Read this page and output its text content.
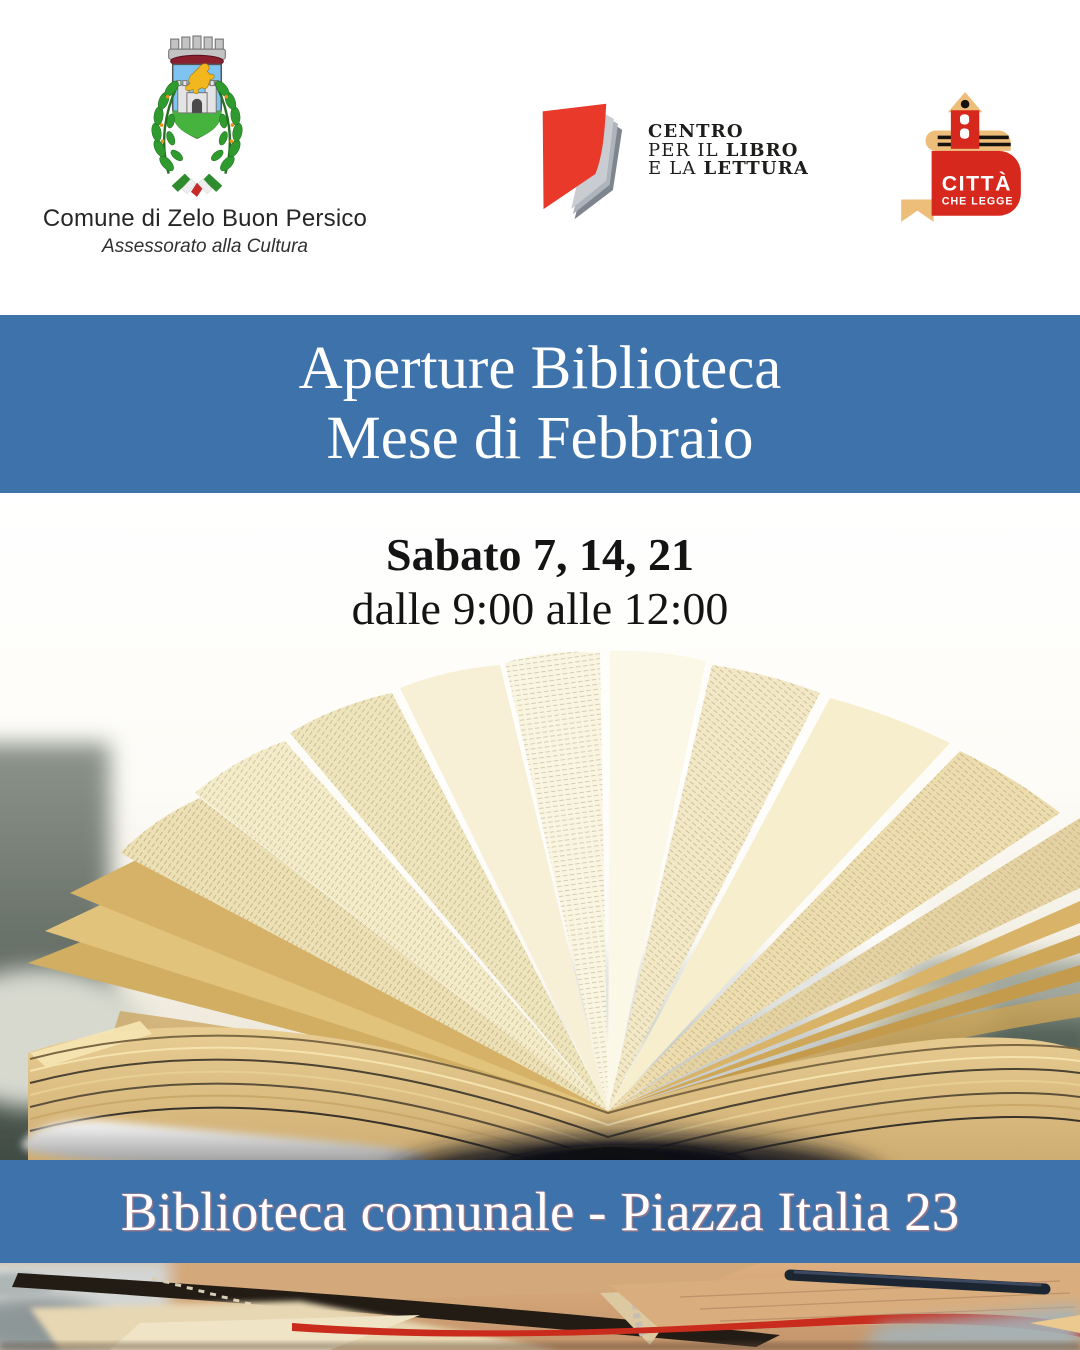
Comune di Zelo Buon Persico
Assessorato alla Cultura
CENTRO
PER IL LIBRO
E LA LETTURA
CITTÀ
CHE LEGGE
Aperture Biblioteca
Mese di Febbraio
Sabato 7, 14, 21
dalle 9:00 alle 12:00
Biblioteca comunale - Piazza Italia 23
